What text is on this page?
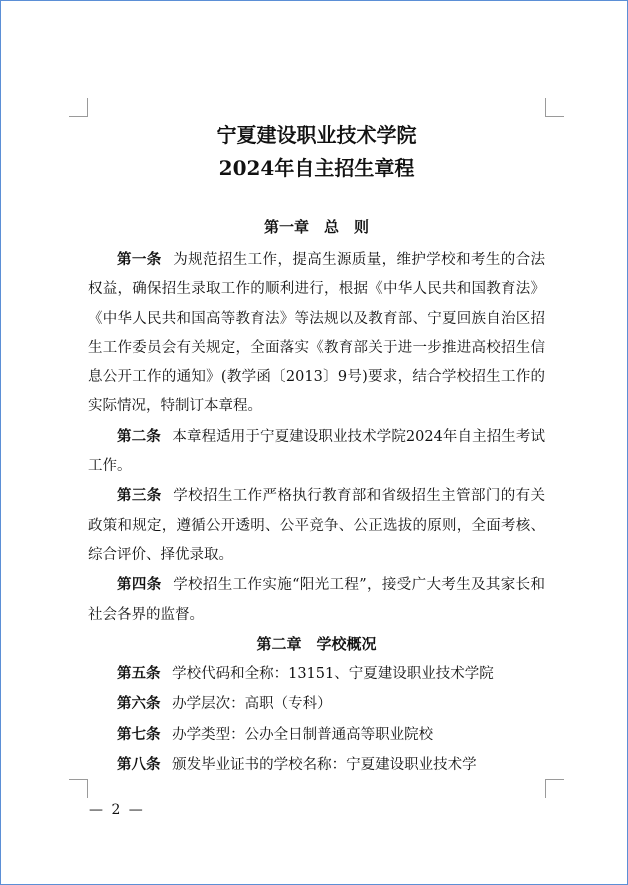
宁夏建设职业技术学院
2024年自主招生章程
第一章　总　则

第一条 为规范招生工作，提高生源质量，维护学校和考生的合法权益，确保招生录取工作的顺利进行，根据《中华人民共和国教育法》《中华人民共和国高等教育法》等法规以及教育部、宁夏回族自治区招生工作委员会有关规定，全面落实《教育部关于进一步推进高校招生信息公开工作的通知》(教学函〔2013〕9号)要求，结合学校招生工作的实际情况，特制订本章程。

第二条 本章程适用于宁夏建设职业技术学院2024年自主招生考试工作。

第三条 学校招生工作严格执行教育部和省级招生主管部门的有关政策和规定，遵循公开透明、公平竞争、公正选拔的原则，全面考核、综合评价、择优录取。

第四条 学校招生工作实施“阳光工程”，接受广大考生及其家长和社会各界的监督。

第二章　学校概况

第五条 学校代码和全称：13151、宁夏建设职业技术学院

第六条 办学层次：高职（专科）

第七条 办学类型：公办全日制普通高等职业院校

第八条 颁发毕业证书的学校名称：宁夏建设职业技术学

— 2 —
